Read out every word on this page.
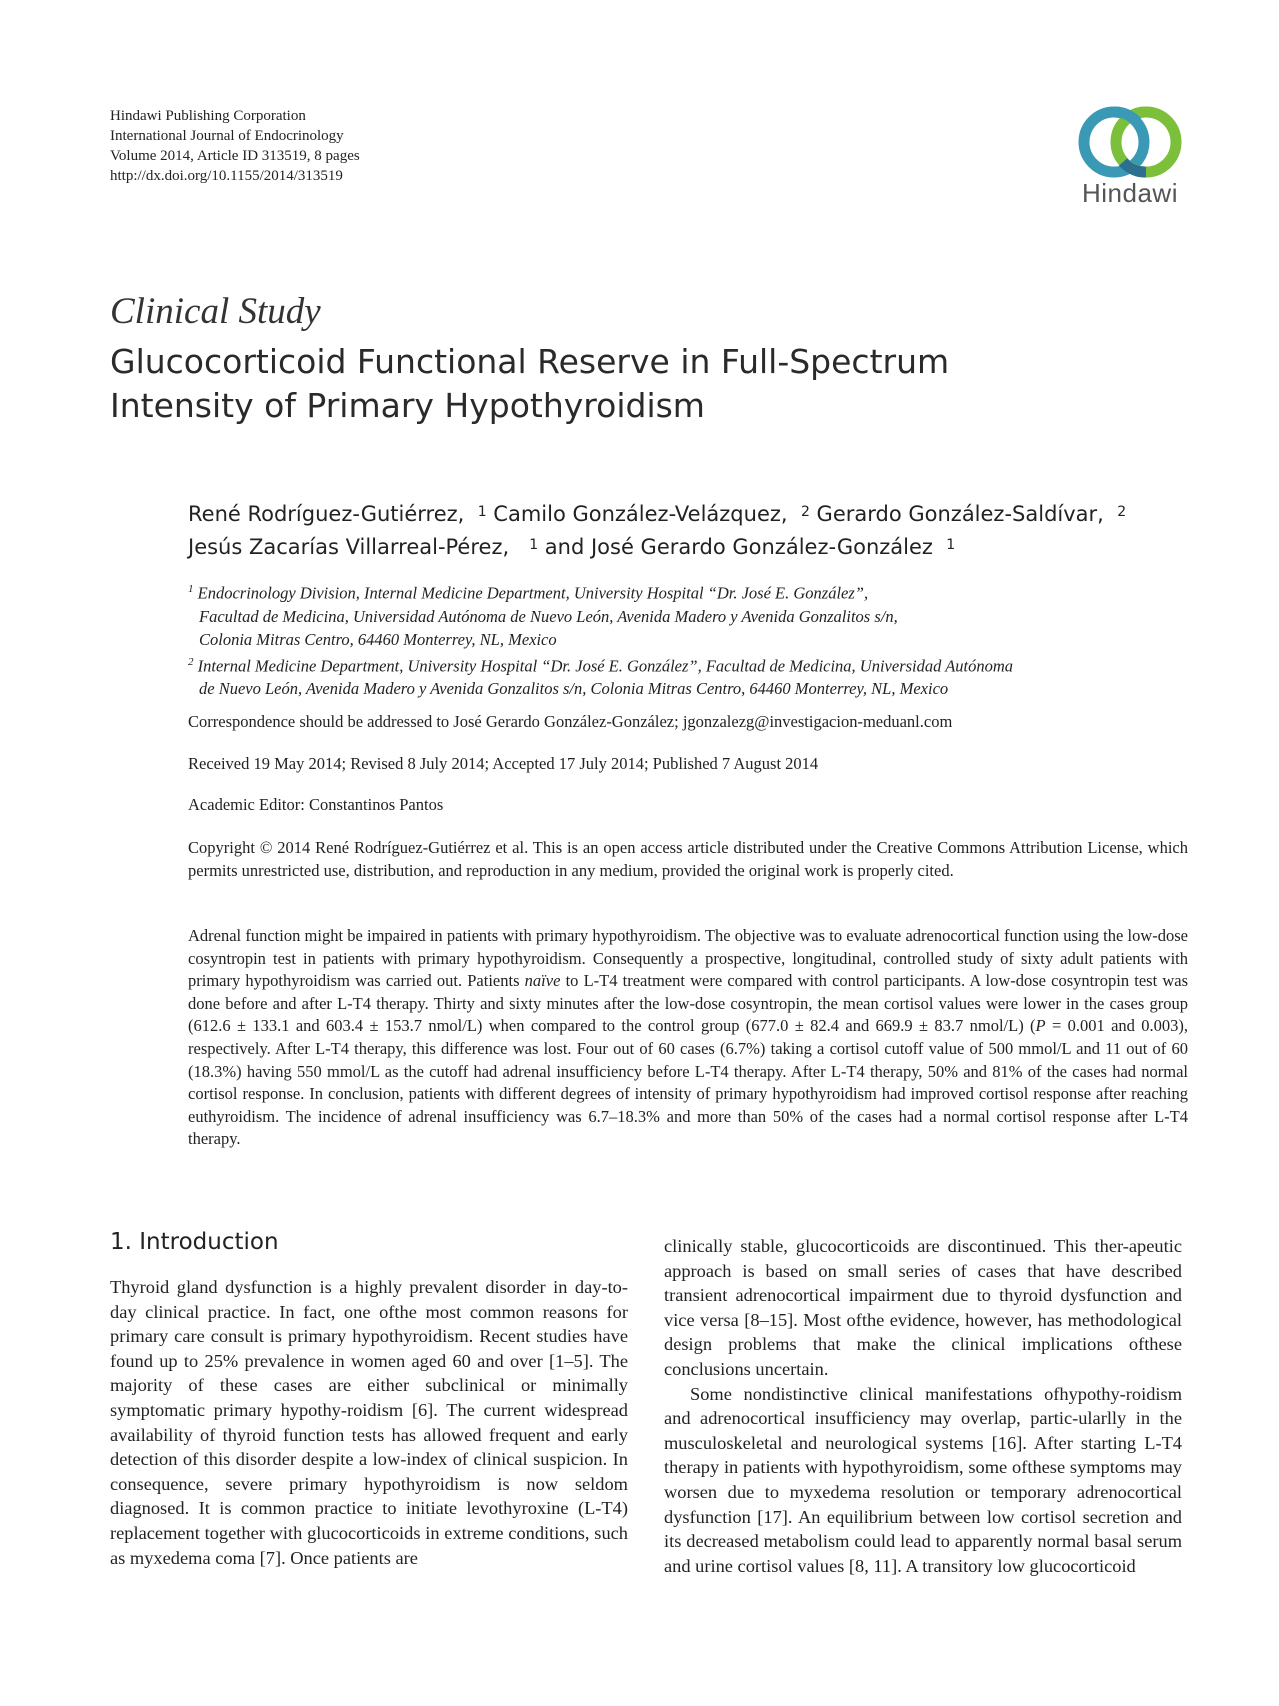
Hindawi Publishing Corporation
International Journal of Endocrinology
Volume 2014, Article ID 313519, 8 pages
http://dx.doi.org/10.1155/2014/313519
Hindawi
Clinical Study
Glucocorticoid Functional Reserve in Full-Spectrum
Intensity of Primary Hypothyroidism
René Rodríguez-Gutiérrez, $^1$ Camilo González-Velázquez, $^2$ Gerardo González-Saldívar, $^2$
Jesús Zacarías Villarreal-Pérez, $^1$ and José Gerardo González-González $^1$
$^1$ Endocrinology Division, Internal Medicine Department, University Hospital “Dr. José E. González”,
Facultad de Medicina, Universidad Autónoma de Nuevo León, Avenida Madero y Avenida Gonzalitos s/n,
Colonia Mitras Centro, 64460 Monterrey, NL, Mexico
$^2$ Internal Medicine Department, University Hospital “Dr. José E. González”, Facultad de Medicina, Universidad Autónoma
de Nuevo León, Avenida Madero y Avenida Gonzalitos s/n, Colonia Mitras Centro, 64460 Monterrey, NL, Mexico
Correspondence should be addressed to José Gerardo González-González; jgonzalezg@investigacion-meduanl.com
Received 19 May 2014; Revised 8 July 2014; Accepted 17 July 2014; Published 7 August 2014
Academic Editor: Constantinos Pantos
Copyright © 2014 René Rodríguez-Gutiérrez et al. This is an open access article distributed under the Creative Commons Attribution License, which permits unrestricted use, distribution, and reproduction in any medium, provided the original work is properly cited.
Adrenal function might be impaired in patients with primary hypothyroidism. The objective was to evaluate adrenocortical function using the low-dose cosyntropin test in patients with primary hypothyroidism. Consequently a prospective, longitudinal, controlled study of sixty adult patients with primary hypothyroidism was carried out. Patients naïve to L-T4 treatment were compared with control participants. A low-dose cosyntropin test was done before and after L-T4 therapy. Thirty and sixty minutes after the low-dose cosyntropin, the mean cortisol values were lower in the cases group (612.6 ± 133.1 and 603.4 ± 153.7 nmol/L) when compared to the control group (677.0 ± 82.4 and 669.9 ± 83.7 nmol/L) (P = 0.001 and 0.003), respectively. After L-T4 therapy, this difference was lost. Four out of 60 cases (6.7%) taking a cortisol cutoff value of 500 mmol/L and 11 out of 60 (18.3%) having 550 mmol/L as the cutoff had adrenal insufficiency before L-T4 therapy. After L-T4 therapy, 50% and 81% of the cases had normal cortisol response. In conclusion, patients with different degrees of intensity of primary hypothyroidism had improved cortisol response after reaching euthyroidism. The incidence of adrenal insufficiency was 6.7–18.3% and more than 50% of the cases had a normal cortisol response after L-T4 therapy.
1. Introduction

Thyroid gland dysfunction is a highly prevalent disorder in day-to-day clinical practice. In fact, one ofthe most common reasons for primary care consult is primary hypothyroidism. Recent studies have found up to 25% prevalence in women aged 60 and over [1–5]. The majority of these cases are either subclinical or minimally symptomatic primary hypothy-roidism [6]. The current widespread availability of thyroid function tests has allowed frequent and early detection of this disorder despite a low-index of clinical suspicion. In consequence, severe primary hypothyroidism is now seldom diagnosed. It is common practice to initiate levothyroxine (L-T4) replacement together with glucocorticoids in extreme conditions, such as myxedema coma [7]. Once patients are

clinically stable, glucocorticoids are discontinued. This ther-apeutic approach is based on small series of cases that have described transient adrenocortical impairment due to thyroid dysfunction and vice versa [8–15]. Most ofthe evidence, however, has methodological design problems that make the clinical implications ofthese conclusions uncertain.

Some nondistinctive clinical manifestations ofhypothy-roidism and adrenocortical insufficiency may overlap, partic-ularlly in the musculoskeletal and neurological systems [16]. After starting L-T4 therapy in patients with hypothyroidism, some ofthese symptoms may worsen due to myxedema resolution or temporary adrenocortical dysfunction [17]. An equilibrium between low cortisol secretion and its decreased metabolism could lead to apparently normal basal serum and urine cortisol values [8, 11]. A transitory low glucocorticoid
